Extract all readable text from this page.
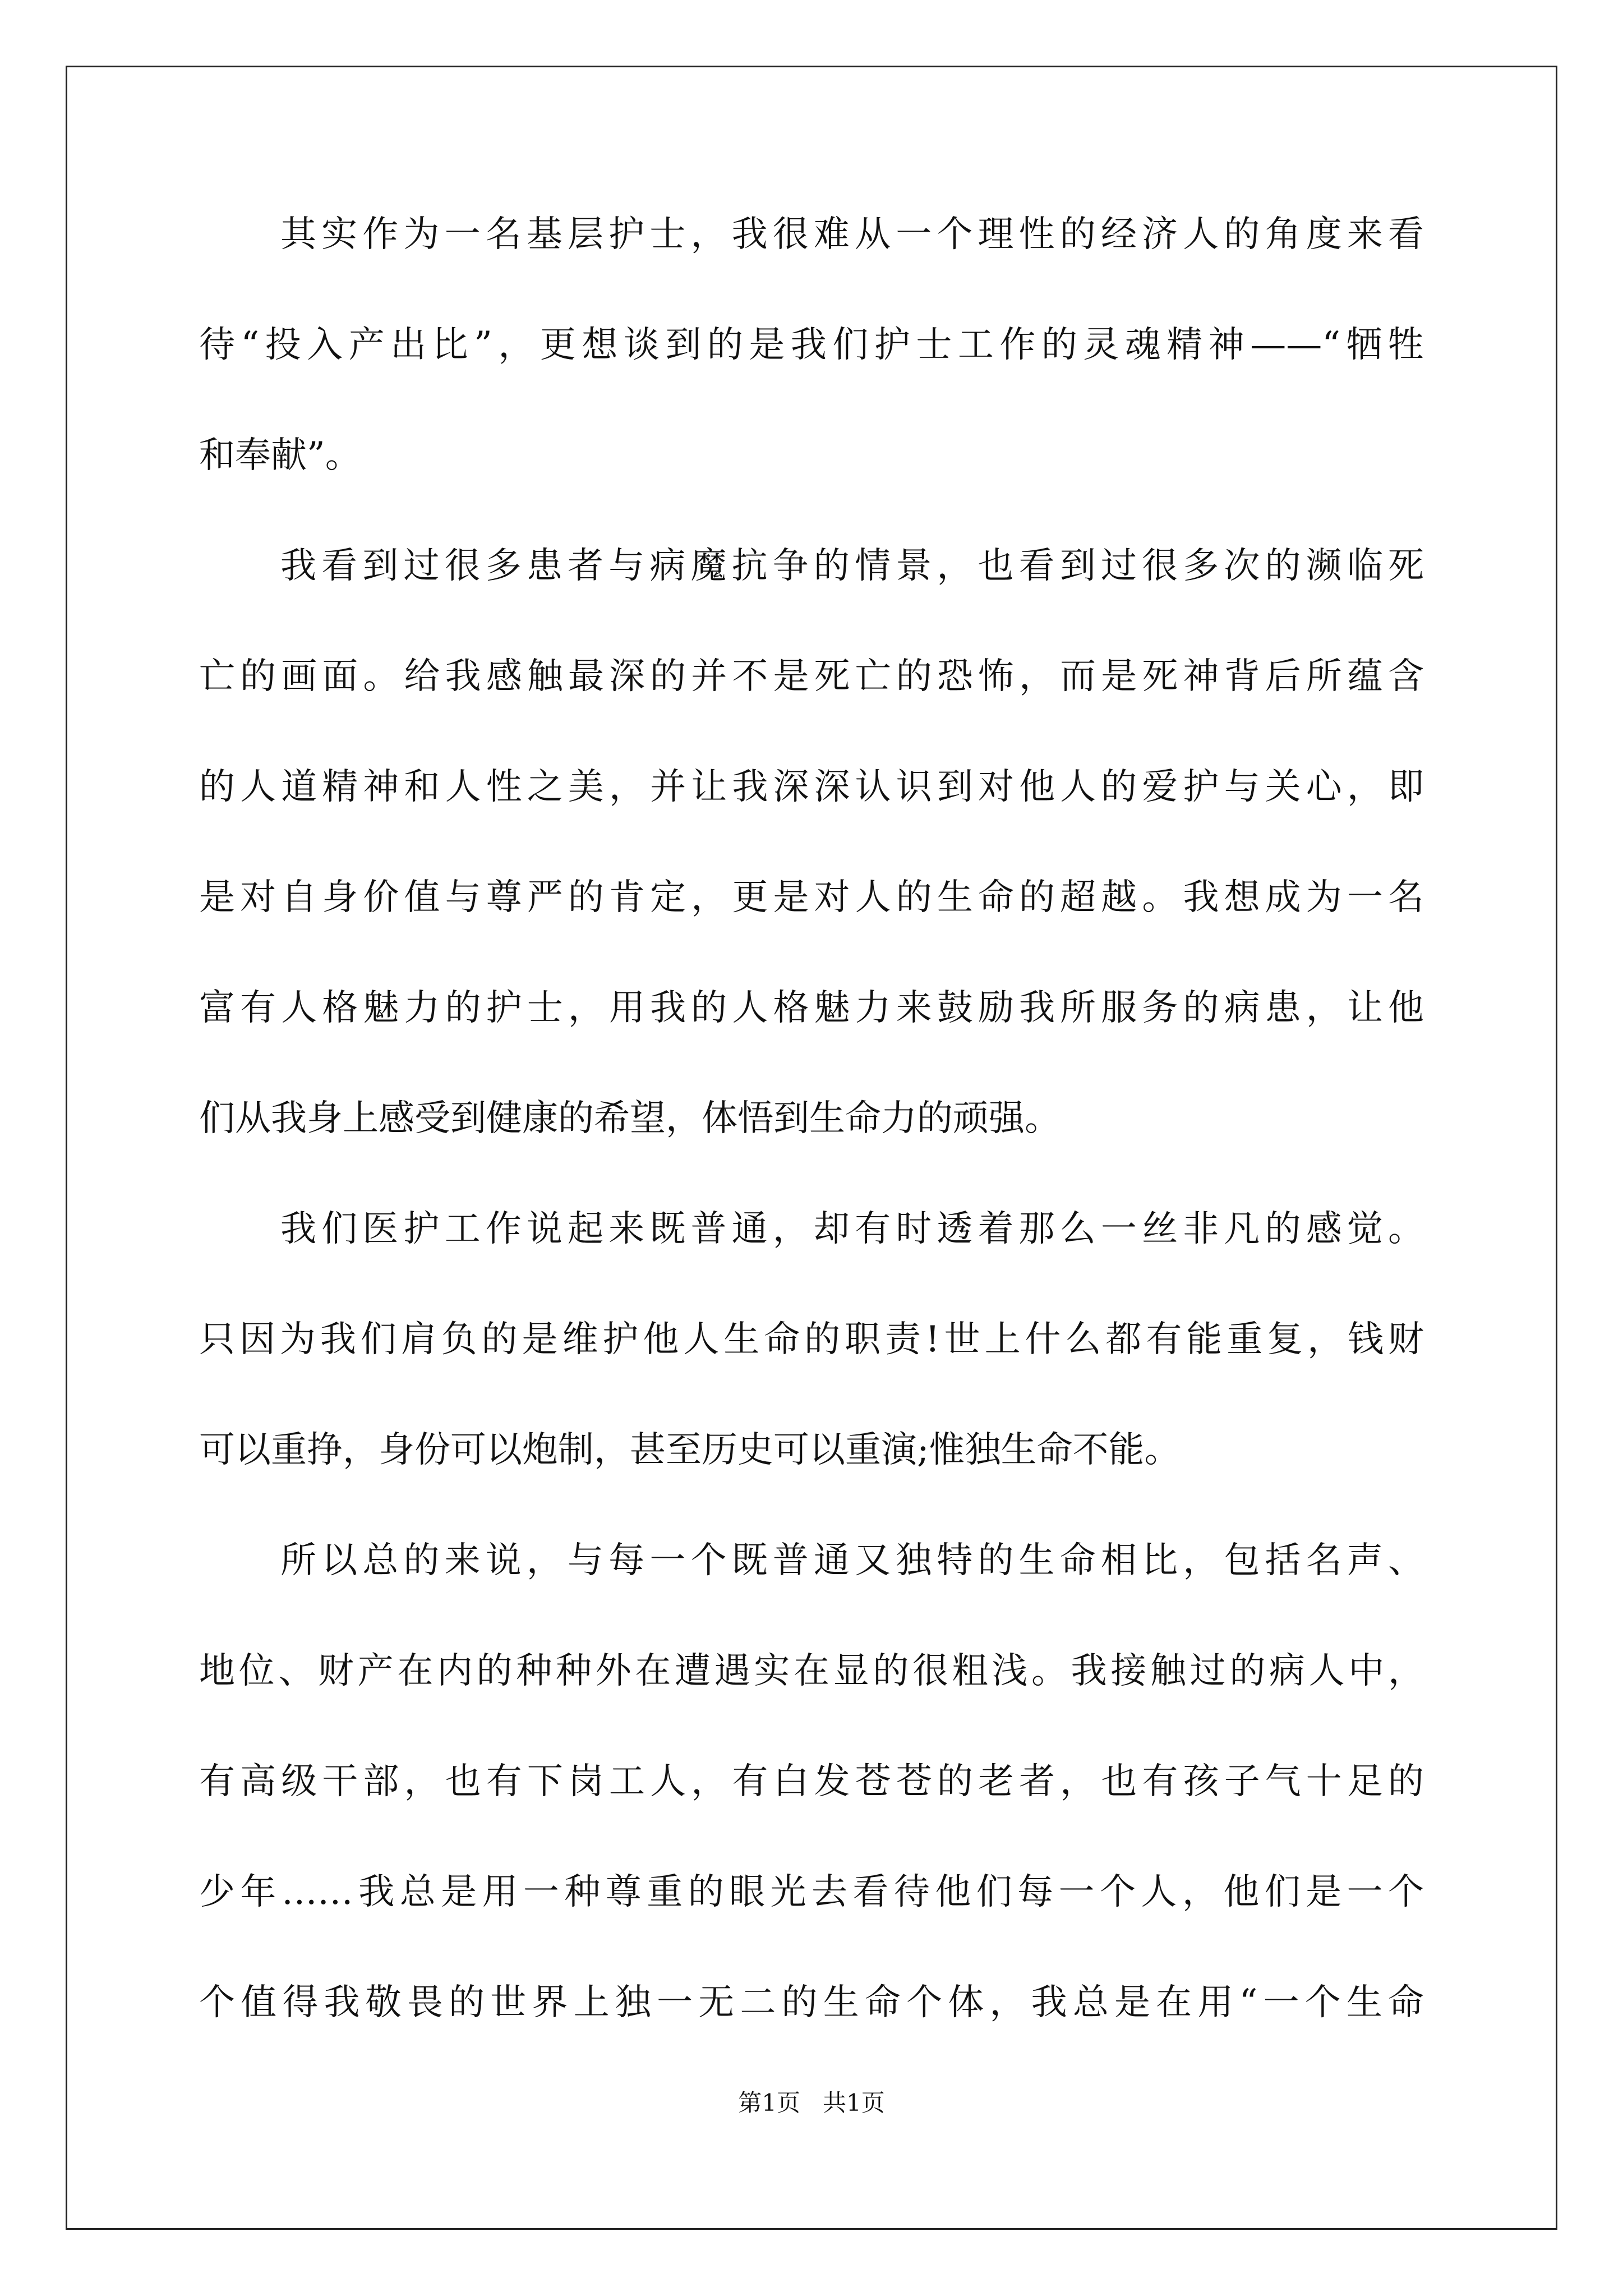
其实作为一名基层护士，我很难从一个理性的经济人的角度来看
待“投入产出比”，更想谈到的是我们护士工作的灵魂精神——“牺牲
和奉献”。
我看到过很多患者与病魔抗争的情景，也看到过很多次的濒临死
亡的画面。给我感触最深的并不是死亡的恐怖，而是死神背后所蕴含
的人道精神和人性之美，并让我深深认识到对他人的爱护与关心，即
是对自身价值与尊严的肯定，更是对人的生命的超越。我想成为一名
富有人格魅力的护士，用我的人格魅力来鼓励我所服务的病患，让他
们从我身上感受到健康的希望，体悟到生命力的顽强。
我们医护工作说起来既普通，却有时透着那么一丝非凡的感觉。
只因为我们肩负的是维护他人生命的职责!世上什么都有能重复，钱财
可以重挣，身份可以炮制，甚至历史可以重演;惟独生命不能。
所以总的来说，与每一个既普通又独特的生命相比，包括名声、
地位、财产在内的种种外在遭遇实在显的很粗浅。我接触过的病人中，
有高级干部，也有下岗工人，有白发苍苍的老者，也有孩子气十足的
少年……我总是用一种尊重的眼光去看待他们每一个人，他们是一个
个值得我敬畏的世界上独一无二的生命个体，我总是在用“一个生命
第1页   共1页
